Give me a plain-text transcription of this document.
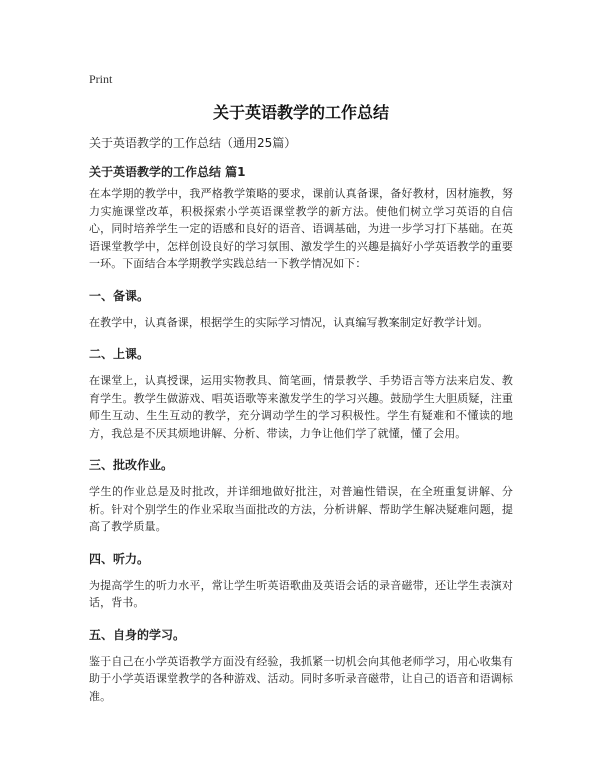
Print

关于英语教学的工作总结

关于英语教学的工作总结（通用25篇）

关于英语教学的工作总结 篇1

在本学期的教学中，我严格教学策略的要求，课前认真备课，备好教材，因材施教，努力实施课堂改革，积极探索小学英语课堂教学的新方法。使他们树立学习英语的自信心，同时培养学生一定的语感和良好的语音、语调基础，为进一步学习打下基础。在英语课堂教学中，怎样创设良好的学习氛围、激发学生的兴趣是搞好小学英语教学的重要一环。下面结合本学期教学实践总结一下教学情况如下：

一、备课。

在教学中，认真备课，根据学生的实际学习情况，认真编写教案制定好教学计划。

二、上课。

在课堂上，认真授课，运用实物教具、简笔画，情景教学、手势语言等方法来启发、教育学生。教学生做游戏、唱英语歌等来激发学生的学习兴趣。鼓励学生大胆质疑，注重师生互动、生生互动的教学，充分调动学生的学习积极性。学生有疑难和不懂读的地方，我总是不厌其烦地讲解、分析、带读，力争让他们学了就懂，懂了会用。

三、批改作业。

学生的作业总是及时批改，并详细地做好批注，对普遍性错误，在全班重复讲解、分析。针对个别学生的作业采取当面批改的方法，分析讲解、帮助学生解决疑难问题，提高了教学质量。

四、听力。

为提高学生的听力水平，常让学生听英语歌曲及英语会话的录音磁带，还让学生表演对话，背书。

五、自身的学习。

鉴于自己在小学英语教学方面没有经验，我抓紧一切机会向其他老师学习，用心收集有助于小学英语课堂教学的各种游戏、活动。同时多听录音磁带，让自己的语音和语调标准。
